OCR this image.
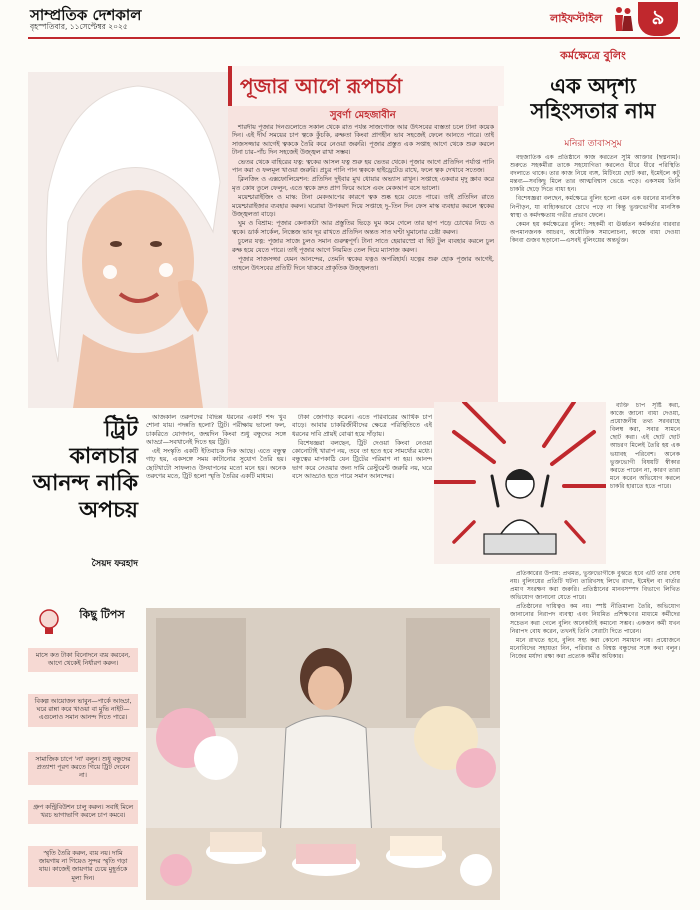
সাম্প্রতিক দেশকাল
বৃহস্পতিবার, ১১সেপ্টেম্বর ২০২৫
লাইফস্টাইল	৯
পূজার আগে রূপচর্চা
সুবর্ণা মেহজাবীন

শারদীয় পূজার দিনগুলোতে সকাল থেকে রাত পর্যন্ত সাজগোজ আর উৎসবের ব্যস্ততা চলে টানা কয়েক দিন। এই দীর্ঘ সময়ের চাপ ত্বকে কুঁচকি, রুক্ষতা কিংবা প্রাণহীন ভাব সহজেই ফেলে আনতে পারে। তাই সাজসজ্জার আগেই ত্বককে তৈরি করে নেওয়া জরুরি। পূজার প্রস্তুত এক সপ্তাহ আগে থেকে শুরু করলে টানা চার–পাঁচ দিন সহজেই উজ্জ্বল রাখা সম্ভব।

ভেতর থেকে বাহিরের যত্ন: ত্বকের আসল যত্ন শুরু হয় ভেতর থেকে। পূজার আগে প্রতিদিন পর্যাপ্ত পানি পান করা ও ফলমূল খাওয়া জরুরি। প্রচুর পানি পান ত্বককে হাইড্রেটেড রাখে, ফলে ত্বক দেখাবে সতেজ।

ক্লিনজিং ও এক্সফোলিয়েশন: প্রতিদিন দুইবার মুখ ধোয়ার অভ্যাস রাখুন। সপ্তাহে একবার মৃদু স্ক্রাব করে মৃত কোষ তুলে ফেলুন, এতে ত্বকে দ্রুত প্রাণ ফিরে আসে এবং মেকআপ বসে ভালো।

ময়েশ্চারাইজিং ও মাস্ক: টানা মেকআপের কারণে ত্বক শুষ্ক হয়ে যেতে পারে। তাই প্রতিদিন রাতে ময়েশ্চারাইজার ব্যবহার করুন। ঘরোয়া উপকরণ দিয়ে সপ্তাহে দু–তিন দিন ফেস মাস্ক ব্যবহার করলে ত্বকের উজ্জ্বলতা বাড়ে।

ঘুম ও বিশ্রাম: পূজার কেনাকাটা আর প্রস্তুতির ভিড়ে ঘুম কমে গেলে তার ছাপ পড়ে চোখের নিচে ও ত্বকে। ডার্ক সার্কেল, নিস্তেজ ভাব দূর রাখতে প্রতিদিন অন্তত সাত ঘণ্টা ঘুমানোর চেষ্টা করুন।

চুলের যত্ন: পূজার সাজে চুলও সমান গুরুত্বপূর্ণ। টানা সাতে হেয়ারস্প্রে বা হিট টুল ব্যবহার করলে চুল রুক্ষ হয়ে যেতে পারে। তাই পূজার আগে নিয়মিত তেল দিয়ে ম্যাসাজ করুন।

পূজার সাজসজ্জা যেমন আনন্দের, তেমনি ত্বকের যত্নও অপরিহার্য। যত্নের শুরু হোক পূজার আগেই, তাহলে উৎসবের প্রতিটি দিনে থাকবে প্রাকৃতিক উজ্জ্বলতা।

কর্মক্ষেত্রে বুলিং
এক অদৃশ্য সহিংসতার নাম
মনিরা তাবাসসুম

বহুজাতিক এক প্রতিষ্ঠানে কাজ করতেন সুমি আক্তার (ছদ্মনাম)। শুরুতে সহকর্মীরা তাকে সহযোগিতা করলেও ধীরে ধীরে পরিস্থিতি বদলাতে থাকে। তার কাজ নিয়ে ব্যঙ্গ, মিটিংয়ে ছোট করা, ইমেইলে কটু মন্তব্য—সবকিছু মিলে তার আত্মবিশ্বাস ভেঙে পড়ে। একসময় তিনি চাকরি ছেড়ে দিতে বাধ্য হন।

বিশেষজ্ঞরা বলছেন, কর্মক্ষেত্রে বুলিং হলো এমন এক ধরনের মানসিক নিপীড়ন, যা বাহ্যিকভাবে চোখে পড়ে না কিন্তু ভুক্তভোগীর মানসিক স্বাস্থ্য ও কর্মদক্ষতায় গভীর প্রভাব ফেলে।

কেমন হয় কর্মক্ষেত্রের বুলিং: সহকর্মী বা ঊর্ধ্বতন কর্মকর্তার বারবার অপমানজনক আচরণ, অযৌক্তিক সমালোচনা, কাজে বাধা দেওয়া কিংবা গুজব ছড়ানো—এসবই বুলিংয়ের অন্তর্ভুক্ত।

ব্যক্তি চাপ সৃষ্টি করা, কাজে জানো বাধা দেওয়া, প্রয়োজনীয় তথ্য সরবরাহে বিলম্ব করা, সবার সামনে ছোট করা। এই ছোট ছোট আচরণ মিলেই তৈরি হয় এক ভয়াবহ পরিবেশ। অনেক ভুক্তভোগী বিষয়টি স্বীকার করতে পারেন না, কারণ তারা মনে করেন অভিযোগ করলে চাকরি হারাতে হতে পারে।

প্রতিকারের উপায়: প্রথমত, ভুক্তভোগীকে বুঝতে হবে এটি তার দোষ নয়। বুলিংয়ের প্রতিটি ঘটনা তারিখসহ লিখে রাখা, ইমেইল বা বার্তার প্রমাণ সংরক্ষণ করা জরুরি। প্রতিষ্ঠানের মানবসম্পদ বিভাগে লিখিত অভিযোগ জানানো যেতে পারে।

প্রতিষ্ঠানের দায়িত্বও কম নয়। স্পষ্ট নীতিমালা তৈরি, অভিযোগ জানানোর নিরাপদ ব্যবস্থা এবং নিয়মিত প্রশিক্ষণের মাধ্যমে কর্মীদের সচেতন করা গেলে বুলিং অনেকটাই কমানো সম্ভব। একজন কর্মী যখন নিরাপদ বোধ করেন, তখনই তিনি সেরাটা দিতে পারেন।

মনে রাখতে হবে, বুলিং সহ্য করা কোনো সমাধান নয়। প্রয়োজনে মনোবিদের সহায়তা নিন, পরিবার ও বিশ্বস্ত বন্ধুদের সঙ্গে কথা বলুন। নিজের মর্যাদা রক্ষা করা প্রত্যেক কর্মীর অধিকার।

ট্রিট কালচার আনন্দ নাকি অপচয়
সৈয়দ ফরহাদ

আজকাল তরুণদের বিভিন্ন ধরনের একটি শব্দ খুব শোনা যায়। পদন্নতি হলো? ট্রিট। পরীক্ষায় ভালো ফল, চাকরিতে যোগদান, জন্মদিন কিংবা শুধু বন্ধুদের সঙ্গে আড্ডা—সবখানেই দিতে হয় ট্রিট।

এই সংস্কৃতি একটি ইতিবাচক দিক আছে। এতে বন্ধুত্ব গাঢ় হয়, একসঙ্গে সময় কাটানোর সুযোগ তৈরি হয়। ছোটখাটো সাফল্যও উদযাপনের মতো মনে হয়। অনেক তরুণের মতে, ট্রিট হলো স্মৃতি তৈরির একটি মাধ্যম।

টাকা জোগাড় করেন। এতে পরিবারের আর্থিক চাপ বাড়ে। আবার চাকরিজীবীদের ক্ষেত্রে পরিস্থিতিতে এই ধরনের দাবি প্রায়ই বোঝা হয়ে দাঁড়ায়।

বিশেষজ্ঞরা বলছেন, ট্রিট দেওয়া কিংবা নেওয়া কোনোটাই খারাপ নয়, তবে তা হতে হবে সামর্থ্যের মধ্যে। বন্ধুত্বের মাপকাঠি যেন ট্রিটের পরিমাণ না হয়। আনন্দ ভাগ করে নেওয়ার জন্য দামি রেস্টুরেন্ট জরুরি নয়, ঘরে বসে আড্ডাও হতে পারে সমান আনন্দের।

কিছু টিপস
মাসে কত টাকা বিনোদনে ব্যয় করবেন, আগে থেকেই নির্ধারণ করুন।
বিকল্প আয়োজন ভাবুন—পার্কে আড্ডা, ঘরে রান্না করে খাওয়া বা মুভি নাইট—এগুলোও সমান আনন্দ দিতে পারে।
সামাজিক চাপে 'না' বলুন। শুধু বন্ধুদের প্রত্যাশা পূরণ করতে গিয়ে ট্রিট দেবেন না।
গ্রুপ কন্ট্রিবিউশন চালু করুন। সবাই মিলে খরচ ভাগাভাগি করলে চাপ কমবে।
স্মৃতি তৈরি করুন, ব্যয় নয়। দামি জায়গায় না গিয়েও সুন্দর স্মৃতি গড়া যায়। কাজেই জায়গার চেয়ে মুহূর্তকে মূল্য দিন।
